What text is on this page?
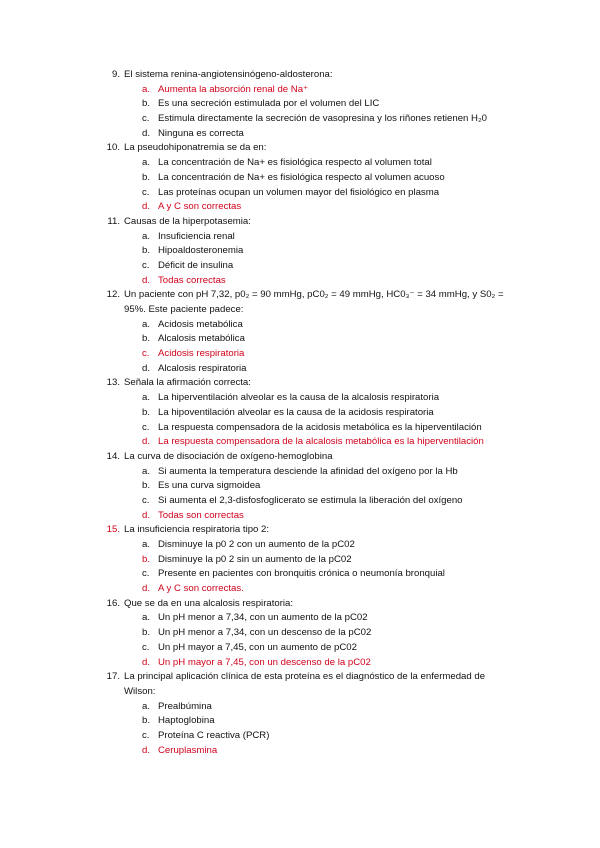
9. El sistema renina-angiotensinógeno-aldosterona:
a. Aumenta la absorción renal de Na⁺
b. Es una secreción estimulada por el volumen del LIC
c. Estimula directamente la secreción de vasopresina y los riñones retienen H₂0
d. Ninguna es correcta
10. La pseudohiponatremia se da en:
a. La concentración de Na+ es fisiológica respecto al volumen total
b. La concentración de Na+ es fisiológica respecto al volumen acuoso
c. Las proteínas ocupan un volumen mayor del fisiológico en plasma
d. A y C son correctas
11. Causas de la hiperpotasemia:
a. Insuficiencia renal
b. Hipoaldosteronemia
c. Déficit de insulina
d. Todas correctas
12. Un paciente con pH 7,32, p0₂ = 90 mmHg, pC0₂ = 49 mmHg, HC0₃⁻ = 34 mmHg, y S0₂ = 95%. Este paciente padece:
a. Acidosis metabólica
b. Alcalosis metabólica
c. Acidosis respiratoria
d. Alcalosis respiratoria
13. Señala la afirmación correcta:
a. La hiperventilación alveolar es la causa de la alcalosis respiratoria
b. La hipoventilación alveolar es la causa de la acidosis respiratoria
c. La respuesta compensadora de la acidosis metabólica es la hiperventilación
d. La respuesta compensadora de la alcalosis metabólica es la hiperventilación
14. La curva de disociación de oxígeno-hemoglobina
a. Si aumenta la temperatura desciende la afinidad del oxígeno por la Hb
b. Es una curva sigmoidea
c. Si aumenta el 2,3-disfosfoglicerato se estimula la liberación del oxígeno
d. Todas son correctas
15. La insuficiencia respiratoria tipo 2:
a. Disminuye la p0 2 con un aumento de la pC02
b. Disminuye la p0 2 sin un aumento de la pC02
c. Presente en pacientes con bronquitis crónica o neumonía bronquial
d. A y C son correctas.
16. Que se da en una alcalosis respiratoria:
a. Un pH menor a 7,34, con un aumento de la pC02
b. Un pH menor a 7,34, con un descenso de la pC02
c. Un pH mayor a 7,45, con un aumento de pC02
d. Un pH mayor a 7,45, con un descenso de la pC02
17. La principal aplicación clínica de esta proteína es el diagnóstico de la enfermedad de Wilson:
a. Prealbúmina
b. Haptoglobina
c. Proteína C reactiva (PCR)
d. Ceruplasmina
